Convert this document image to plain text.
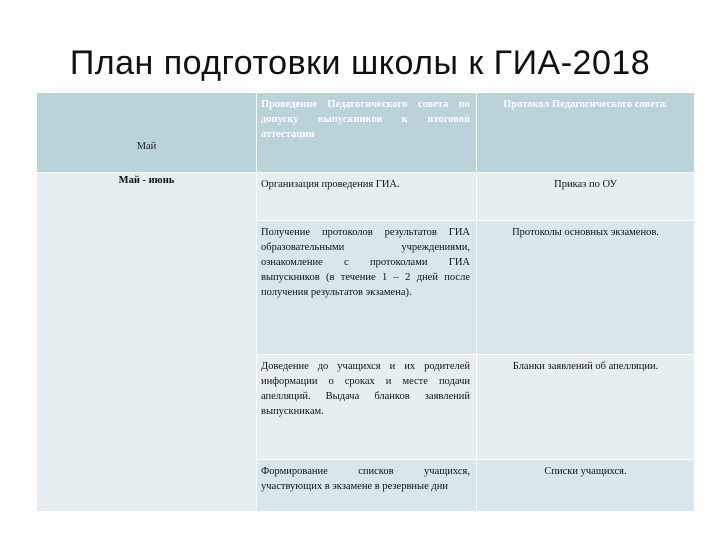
План подготовки школы к ГИА-2018
Май	Проведение Педагогического совета по допуску выпускников к итоговой аттестации	Протокол Педагогического совета.
Май - июнь	Организация проведения ГИА.	Приказ по ОУ
	Получение протоколов результатов ГИА образовательными учреждениями, ознакомление с протоколами ГИА выпускников (в течение 1 – 2 дней после получения результатов экзамена).	Протоколы основных экзаменов.
	Доведение до учащихся и их родителей информации о сроках и месте подачи апелляций. Выдача бланков заявлений выпускникам.	Бланки заявлений об апелляции.
	Формирование списков учащихся, участвующих в экзамене в резервные дни	Списки учащихся.
